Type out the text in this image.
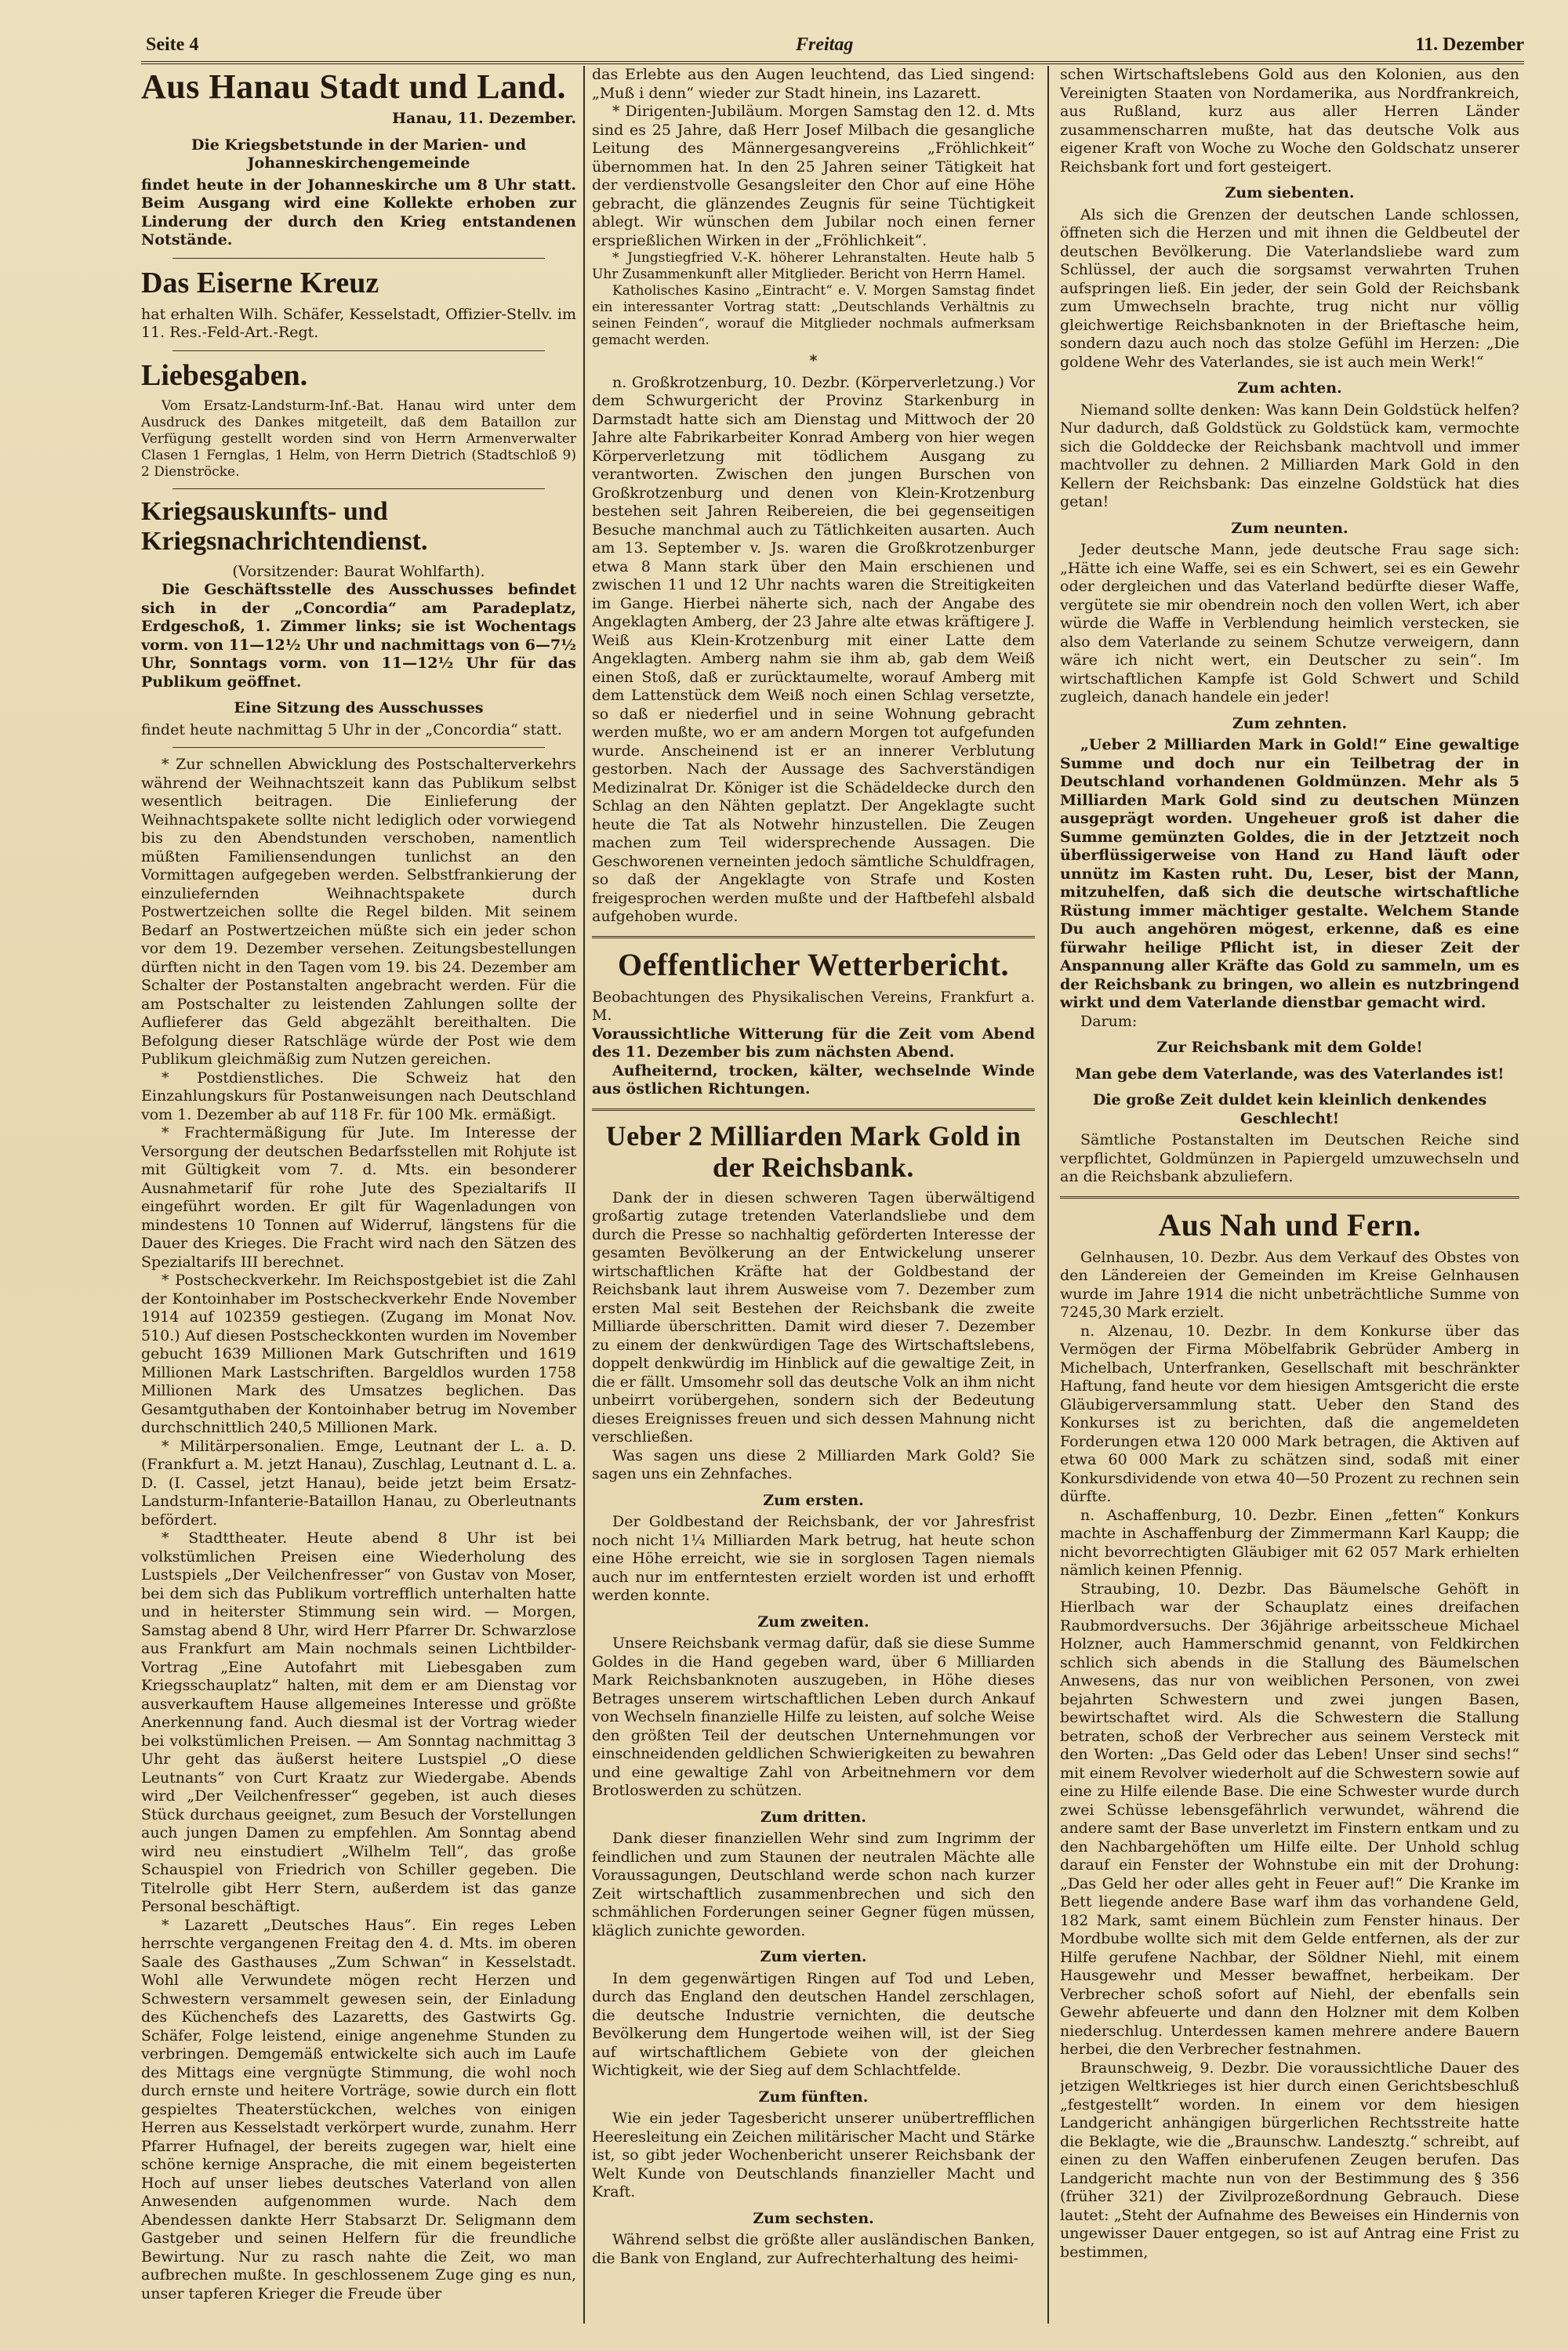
Seite 4	Freitag	11. Dezember
Aus Hanau Stadt und Land.

Hanau, 11. Dezember.

Die Kriegsbetstunde in der Marien- und Johanneskirchengemeinde

findet heute in der Johanneskirche um 8 Uhr statt. Beim Ausgang wird eine Kollekte erhoben zur Linderung der durch den Krieg entstandenen Notstände.

Das Eiserne Kreuz

hat erhalten Wilh. Schäfer, Kesselstadt, Offizier-Stellv. im 11. Res.-Feld-Art.-Regt.

Liebesgaben.

Vom Ersatz-Landsturm-Inf.-Bat. Hanau wird unter dem Ausdruck des Dankes mitgeteilt, daß dem Bataillon zur Verfügung gestellt worden sind von Herrn Armenverwalter Clasen 1 Fernglas, 1 Helm, von Herrn Dietrich (Stadtschloß 9) 2 Dienströcke.

Kriegsauskunfts- und Kriegsnachrichtendienst.

(Vorsitzender: Baurat Wohlfarth).

Die Geschäftsstelle des Ausschusses befindet sich in der „Concordia“ am Paradeplatz, Erdgeschoß, 1. Zimmer links; sie ist Wochentags vorm. von 11—12½ Uhr und nachmittags von 6—7½ Uhr, Sonntags vorm. von 11—12½ Uhr für das Publikum geöffnet.

Eine Sitzung des Ausschusses

findet heute nachmittag 5 Uhr in der „Concordia“ statt.

* Zur schnellen Abwicklung des Postschalterverkehrs während der Weihnachtszeit kann das Publikum selbst wesentlich beitragen. Die Einlieferung der Weihnachtspakete sollte nicht lediglich oder vorwiegend bis zu den Abendstunden verschoben, namentlich müßten Familiensendungen tunlichst an den Vormittagen aufgegeben werden. Selbstfrankierung der einzuliefernden Weihnachtspakete durch Postwertzeichen sollte die Regel bilden. Mit seinem Bedarf an Postwertzeichen müßte sich ein jeder schon vor dem 19. Dezember versehen. Zeitungsbestellungen dürften nicht in den Tagen vom 19. bis 24. Dezember am Schalter der Postanstalten angebracht werden. Für die am Postschalter zu leistenden Zahlungen sollte der Auflieferer das Geld abgezählt bereithalten. Die Befolgung dieser Ratschläge würde der Post wie dem Publikum gleichmäßig zum Nutzen gereichen.

* Postdienstliches. Die Schweiz hat den Einzahlungskurs für Postanweisungen nach Deutschland vom 1. Dezember ab auf 118 Fr. für 100 Mk. ermäßigt.

* Frachtermäßigung für Jute. Im Interesse der Versorgung der deutschen Bedarfsstellen mit Rohjute ist mit Gültigkeit vom 7. d. Mts. ein besonderer Ausnahmetarif für rohe Jute des Spezialtarifs II eingeführt worden. Er gilt für Wagenladungen von mindestens 10 Tonnen auf Widerruf, längstens für die Dauer des Krieges. Die Fracht wird nach den Sätzen des Spezialtarifs III berechnet.

* Postscheckverkehr. Im Reichspostgebiet ist die Zahl der Kontoinhaber im Postscheckverkehr Ende November 1914 auf 102359 gestiegen. (Zugang im Monat Nov. 510.) Auf diesen Postscheckkonten wurden im November gebucht 1639 Millionen Mark Gutschriften und 1619 Millionen Mark Lastschriften. Bargeldlos wurden 1758 Millionen Mark des Umsatzes beglichen. Das Gesamtguthaben der Kontoinhaber betrug im November durchschnittlich 240,5 Millionen Mark.

* Militärpersonalien. Emge, Leutnant der L. a. D. (Frankfurt a. M. jetzt Hanau), Zuschlag, Leutnant d. L. a. D. (I. Cassel, jetzt Hanau), beide jetzt beim Ersatz-Landsturm-Infanterie-Bataillon Hanau, zu Oberleutnants befördert.

* Stadttheater. Heute abend 8 Uhr ist bei volkstümlichen Preisen eine Wiederholung des Lustspiels „Der Veilchenfresser“ von Gustav von Moser, bei dem sich das Publikum vortrefflich unterhalten hatte und in heiterster Stimmung sein wird. — Morgen, Samstag abend 8 Uhr, wird Herr Pfarrer Dr. Schwarzlose aus Frankfurt am Main nochmals seinen Lichtbilder-Vortrag „Eine Autofahrt mit Liebesgaben zum Kriegsschauplatz“ halten, mit dem er am Dienstag vor ausverkauftem Hause allgemeines Interesse und größte Anerkennung fand. Auch diesmal ist der Vortrag wieder bei volkstümlichen Preisen. — Am Sonntag nachmittag 3 Uhr geht das äußerst heitere Lustspiel „O diese Leutnants“ von Curt Kraatz zur Wiedergabe. Abends wird „Der Veilchenfresser“ gegeben, ist auch dieses Stück durchaus geeignet, zum Besuch der Vorstellungen auch jungen Damen zu empfehlen. Am Sonntag abend wird neu einstudiert „Wilhelm Tell“, das große Schauspiel von Friedrich von Schiller gegeben. Die Titelrolle gibt Herr Stern, außerdem ist das ganze Personal beschäftigt.

* Lazarett „Deutsches Haus“. Ein reges Leben herrschte vergangenen Freitag den 4. d. Mts. im oberen Saale des Gasthauses „Zum Schwan“ in Kesselstadt. Wohl alle Verwundete mögen recht Herzen und Schwestern versammelt gewesen sein, der Einladung des Küchenchefs des Lazaretts, des Gastwirts Gg. Schäfer, Folge leistend, einige angenehme Stunden zu verbringen. Demgemäß entwickelte sich auch im Laufe des Mittags eine vergnügte Stimmung, die wohl noch durch ernste und heitere Vorträge, sowie durch ein flott gespieltes Theaterstückchen, welches von einigen Herren aus Kesselstadt verkörpert wurde, zunahm. Herr Pfarrer Hufnagel, der bereits zugegen war, hielt eine schöne kernige Ansprache, die mit einem begeisterten Hoch auf unser liebes deutsches Vaterland von allen Anwesenden aufgenommen wurde. Nach dem Abendessen dankte Herr Stabsarzt Dr. Seligmann dem Gastgeber und seinen Helfern für die freundliche Bewirtung. Nur zu rasch nahte die Zeit, wo man aufbrechen mußte. In geschlossenem Zuge ging es nun, unser tapferen Krieger die Freude über

das Erlebte aus den Augen leuchtend, das Lied singend: „Muß i denn“ wieder zur Stadt hinein, ins Lazarett.

* Dirigenten-Jubiläum. Morgen Samstag den 12. d. Mts sind es 25 Jahre, daß Herr Josef Milbach die gesangliche Leitung des Männergesangvereins „Fröhlichkeit“ übernommen hat. In den 25 Jahren seiner Tätigkeit hat der verdienstvolle Gesangsleiter den Chor auf eine Höhe gebracht, die glänzendes Zeugnis für seine Tüchtigkeit ablegt. Wir wünschen dem Jubilar noch einen ferner ersprießlichen Wirken in der „Fröhlichkeit“.

* Jungstiegfried V.-K. höherer Lehranstalten. Heute halb 5 Uhr Zusammenkunft aller Mitglieder. Bericht von Herrn Hamel.

Katholisches Kasino „Eintracht“ e. V. Morgen Samstag findet ein interessanter Vortrag statt: „Deutschlands Verhältnis zu seinen Feinden“, worauf die Mitglieder nochmals aufmerksam gemacht werden.

*

n. Großkrotzenburg, 10. Dezbr. (Körperverletzung.) Vor dem Schwurgericht der Provinz Starkenburg in Darmstadt hatte sich am Dienstag und Mittwoch der 20 Jahre alte Fabrikarbeiter Konrad Amberg von hier wegen Körperverletzung mit tödlichem Ausgang zu verantworten. Zwischen den jungen Burschen von Großkrotzenburg und denen von Klein-Krotzenburg bestehen seit Jahren Reibereien, die bei gegenseitigen Besuche manchmal auch zu Tätlichkeiten ausarten. Auch am 13. September v. Js. waren die Großkrotzenburger etwa 8 Mann stark über den Main erschienen und zwischen 11 und 12 Uhr nachts waren die Streitigkeiten im Gange. Hierbei näherte sich, nach der Angabe des Angeklagten Amberg, der 23 Jahre alte etwas kräftigere J. Weiß aus Klein-Krotzenburg mit einer Latte dem Angeklagten. Amberg nahm sie ihm ab, gab dem Weiß einen Stoß, daß er zurücktaumelte, worauf Amberg mit dem Lattenstück dem Weiß noch einen Schlag versetzte, so daß er niederfiel und in seine Wohnung gebracht werden mußte, wo er am andern Morgen tot aufgefunden wurde. Anscheinend ist er an innerer Verblutung gestorben. Nach der Aussage des Sachverständigen Medizinalrat Dr. Königer ist die Schädeldecke durch den Schlag an den Nähten geplatzt. Der Angeklagte sucht heute die Tat als Notwehr hinzustellen. Die Zeugen machen zum Teil widersprechende Aussagen. Die Geschworenen verneinten jedoch sämtliche Schuldfragen, so daß der Angeklagte von Strafe und Kosten freigesprochen werden mußte und der Haftbefehl alsbald aufgehoben wurde.

Oeffentlicher Wetterbericht.

Beobachtungen des Physikalischen Vereins, Frankfurt a. M.

Voraussichtliche Witterung für die Zeit vom Abend des 11. Dezember bis zum nächsten Abend.

Aufheiternd, trocken, kälter, wechselnde Winde aus östlichen Richtungen.

Ueber 2 Milliarden Mark Gold in der Reichsbank.

Dank der in diesen schweren Tagen überwältigend großartig zutage tretenden Vaterlandsliebe und dem durch die Presse so nachhaltig geförderten Interesse der gesamten Bevölkerung an der Entwickelung unserer wirtschaftlichen Kräfte hat der Goldbestand der Reichsbank laut ihrem Ausweise vom 7. Dezember zum ersten Mal seit Bestehen der Reichsbank die zweite Milliarde überschritten. Damit wird dieser 7. Dezember zu einem der denkwürdigen Tage des Wirtschaftslebens, doppelt denkwürdig im Hinblick auf die gewaltige Zeit, in die er fällt. Umsomehr soll das deutsche Volk an ihm nicht unbeirrt vorübergehen, sondern sich der Bedeutung dieses Ereignisses freuen und sich dessen Mahnung nicht verschließen.

Was sagen uns diese 2 Milliarden Mark Gold? Sie sagen uns ein Zehnfaches.

Zum ersten.

Der Goldbestand der Reichsbank, der vor Jahresfrist noch nicht 1¼ Milliarden Mark betrug, hat heute schon eine Höhe erreicht, wie sie in sorglosen Tagen niemals auch nur im entferntesten erzielt worden ist und erhofft werden konnte.

Zum zweiten.

Unsere Reichsbank vermag dafür, daß sie diese Summe Goldes in die Hand gegeben ward, über 6 Milliarden Mark Reichsbanknoten auszugeben, in Höhe dieses Betrages unserem wirtschaftlichen Leben durch Ankauf von Wechseln finanzielle Hilfe zu leisten, auf solche Weise den größten Teil der deutschen Unternehmungen vor einschneidenden geldlichen Schwierigkeiten zu bewahren und eine gewaltige Zahl von Arbeitnehmern vor dem Brotloswerden zu schützen.

Zum dritten.

Dank dieser finanziellen Wehr sind zum Ingrimm der feindlichen und zum Staunen der neutralen Mächte alle Voraussagungen, Deutschland werde schon nach kurzer Zeit wirtschaftlich zusammenbrechen und sich den schmählichen Forderungen seiner Gegner fügen müssen, kläglich zunichte geworden.

Zum vierten.

In dem gegenwärtigen Ringen auf Tod und Leben, durch das England den deutschen Handel zerschlagen, die deutsche Industrie vernichten, die deutsche Bevölkerung dem Hungertode weihen will, ist der Sieg auf wirtschaftlichem Gebiete von der gleichen Wichtigkeit, wie der Sieg auf dem Schlachtfelde.

Zum fünften.

Wie ein jeder Tagesbericht unserer unübertrefflichen Heeresleitung ein Zeichen militärischer Macht und Stärke ist, so gibt jeder Wochenbericht unserer Reichsbank der Welt Kunde von Deutschlands finanzieller Macht und Kraft.

Zum sechsten.

Während selbst die größte aller ausländischen Banken, die Bank von England, zur Aufrechterhaltung des heimi-

schen Wirtschaftslebens Gold aus den Kolonien, aus den Vereinigten Staaten von Nordamerika, aus Nordfrankreich, aus Rußland, kurz aus aller Herren Länder zusammenscharren mußte, hat das deutsche Volk aus eigener Kraft von Woche zu Woche den Goldschatz unserer Reichsbank fort und fort gesteigert.

Zum siebenten.

Als sich die Grenzen der deutschen Lande schlossen, öffneten sich die Herzen und mit ihnen die Geldbeutel der deutschen Bevölkerung. Die Vaterlandsliebe ward zum Schlüssel, der auch die sorgsamst verwahrten Truhen aufspringen ließ. Ein jeder, der sein Gold der Reichsbank zum Umwechseln brachte, trug nicht nur völlig gleichwertige Reichsbanknoten in der Brieftasche heim, sondern dazu auch noch das stolze Gefühl im Herzen: „Die goldene Wehr des Vaterlandes, sie ist auch mein Werk!“

Zum achten.

Niemand sollte denken: Was kann Dein Goldstück helfen? Nur dadurch, daß Goldstück zu Goldstück kam, vermochte sich die Golddecke der Reichsbank machtvoll und immer machtvoller zu dehnen. 2 Milliarden Mark Gold in den Kellern der Reichsbank: Das einzelne Goldstück hat dies getan!

Zum neunten.

Jeder deutsche Mann, jede deutsche Frau sage sich: „Hätte ich eine Waffe, sei es ein Schwert, sei es ein Gewehr oder dergleichen und das Vaterland bedürfte dieser Waffe, vergütete sie mir obendrein noch den vollen Wert, ich aber würde die Waffe in Verblendung heimlich verstecken, sie also dem Vaterlande zu seinem Schutze verweigern, dann wäre ich nicht wert, ein Deutscher zu sein“. Im wirtschaftlichen Kampfe ist Gold Schwert und Schild zugleich, danach handele ein jeder!

Zum zehnten.

„Ueber 2 Milliarden Mark in Gold!“ Eine gewaltige Summe und doch nur ein Teilbetrag der in Deutschland vorhandenen Goldmünzen. Mehr als 5 Milliarden Mark Gold sind zu deutschen Münzen ausgeprägt worden. Ungeheuer groß ist daher die Summe gemünzten Goldes, die in der Jetztzeit noch überflüssigerweise von Hand zu Hand läuft oder unnütz im Kasten ruht. Du, Leser, bist der Mann, mitzuhelfen, daß sich die deutsche wirtschaftliche Rüstung immer mächtiger gestalte. Welchem Stande Du auch angehören mögest, erkenne, daß es eine fürwahr heilige Pflicht ist, in dieser Zeit der Anspannung aller Kräfte das Gold zu sammeln, um es der Reichsbank zu bringen, wo allein es nutzbringend wirkt und dem Vaterlande dienstbar gemacht wird.

Darum:

Zur Reichsbank mit dem Golde!

Man gebe dem Vaterlande, was des Vaterlandes ist!

Die große Zeit duldet kein kleinlich denkendes Geschlecht!

Sämtliche Postanstalten im Deutschen Reiche sind verpflichtet, Goldmünzen in Papiergeld umzuwechseln und an die Reichsbank abzuliefern.

Aus Nah und Fern.

Gelnhausen, 10. Dezbr. Aus dem Verkauf des Obstes von den Ländereien der Gemeinden im Kreise Gelnhausen wurde im Jahre 1914 die nicht unbeträchtliche Summe von 7245,30 Mark erzielt.

n. Alzenau, 10. Dezbr. In dem Konkurse über das Vermögen der Firma Möbelfabrik Gebrüder Amberg in Michelbach, Unterfranken, Gesellschaft mit beschränkter Haftung, fand heute vor dem hiesigen Amtsgericht die erste Gläubigerversammlung statt. Ueber den Stand des Konkurses ist zu berichten, daß die angemeldeten Forderungen etwa 120 000 Mark betragen, die Aktiven auf etwa 60 000 Mark zu schätzen sind, sodaß mit einer Konkursdividende von etwa 40—50 Prozent zu rechnen sein dürfte.

n. Aschaffenburg, 10. Dezbr. Einen „fetten“ Konkurs machte in Aschaffenburg der Zimmermann Karl Kaupp; die nicht bevorrechtigten Gläubiger mit 62 057 Mark erhielten nämlich keinen Pfennig.

Straubing, 10. Dezbr. Das Bäumelsche Gehöft in Hierlbach war der Schauplatz eines dreifachen Raubmordversuchs. Der 36jährige arbeitsscheue Michael Holzner, auch Hammerschmid genannt, von Feldkirchen schlich sich abends in die Stallung des Bäumelschen Anwesens, das nur von weiblichen Personen, von zwei bejahrten Schwestern und zwei jungen Basen, bewirtschaftet wird. Als die Schwestern die Stallung betraten, schoß der Verbrecher aus seinem Versteck mit den Worten: „Das Geld oder das Leben! Unser sind sechs!“ mit einem Revolver wiederholt auf die Schwestern sowie auf eine zu Hilfe eilende Base. Die eine Schwester wurde durch zwei Schüsse lebensgefährlich verwundet, während die andere samt der Base unverletzt im Finstern entkam und zu den Nachbargehöften um Hilfe eilte. Der Unhold schlug darauf ein Fenster der Wohnstube ein mit der Drohung: „Das Geld her oder alles geht in Feuer auf!“ Die Kranke im Bett liegende andere Base warf ihm das vorhandene Geld, 182 Mark, samt einem Büchlein zum Fenster hinaus. Der Mordbube wollte sich mit dem Gelde entfernen, als der zur Hilfe gerufene Nachbar, der Söldner Niehl, mit einem Hausgewehr und Messer bewaffnet, herbeikam. Der Verbrecher schoß sofort auf Niehl, der ebenfalls sein Gewehr abfeuerte und dann den Holzner mit dem Kolben niederschlug. Unterdessen kamen mehrere andere Bauern herbei, die den Verbrecher festnahmen.

Braunschweig, 9. Dezbr. Die voraussichtliche Dauer des jetzigen Weltkrieges ist hier durch einen Gerichtsbeschluß „festgestellt“ worden. In einem vor dem hiesigen Landgericht anhängigen bürgerlichen Rechtsstreite hatte die Beklagte, wie die „Braunschw. Landesztg.“ schreibt, auf einen zu den Waffen einberufenen Zeugen berufen. Das Landgericht machte nun von der Bestimmung des § 356 (früher 321) der Zivilprozeßordnung Gebrauch. Diese lautet: „Steht der Aufnahme des Beweises ein Hindernis von ungewisser Dauer entgegen, so ist auf Antrag eine Frist zu bestimmen,
